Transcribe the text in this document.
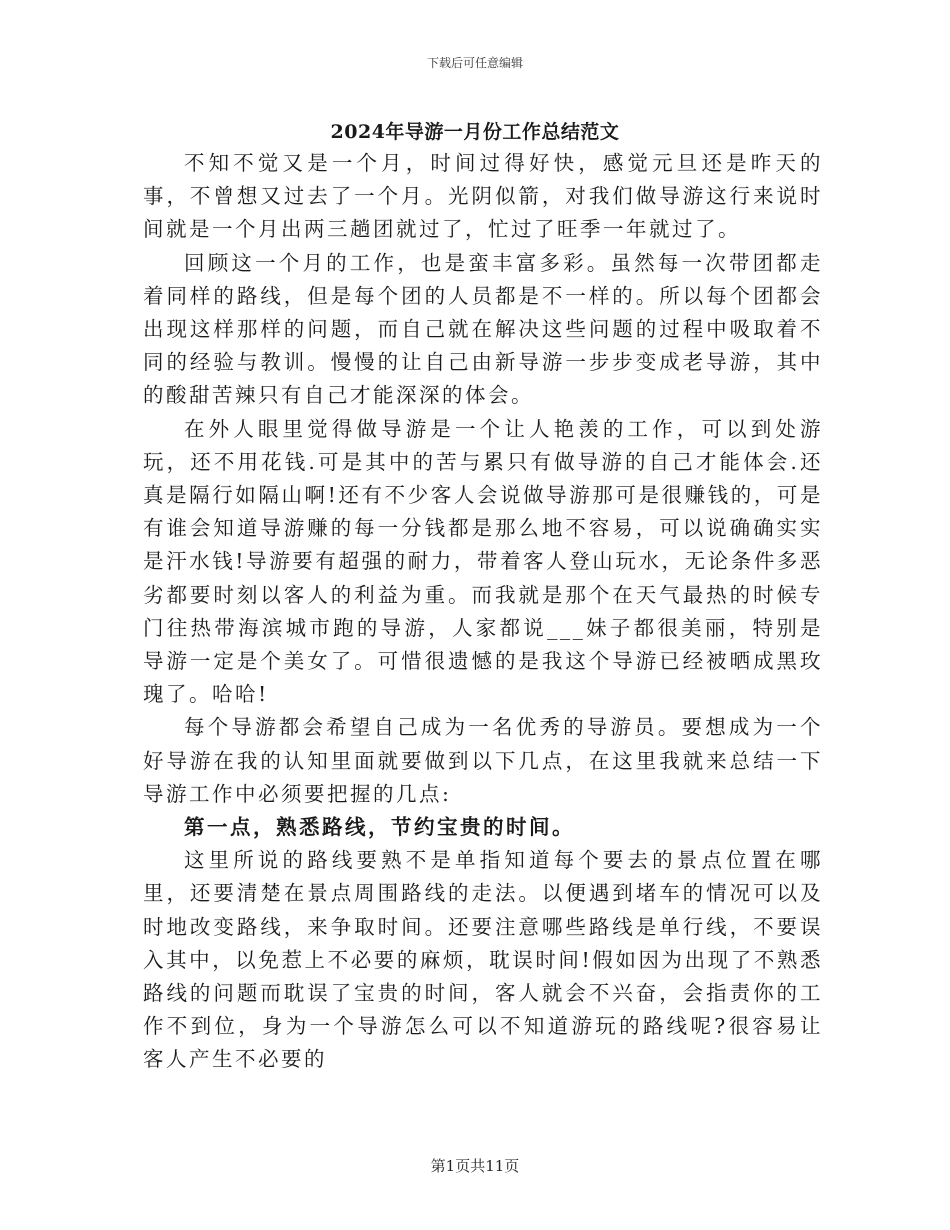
下载后可任意编辑
2024年导游一月份工作总结范文

不知不觉又是一个月，时间过得好快，感觉元旦还是昨天的事，不曾想又过去了一个月。光阴似箭，对我们做导游这行来说时间就是一个月出两三趟团就过了，忙过了旺季一年就过了。

回顾这一个月的工作，也是蛮丰富多彩。虽然每一次带团都走着同样的路线，但是每个团的人员都是不一样的。所以每个团都会出现这样那样的问题，而自己就在解决这些问题的过程中吸取着不同的经验与教训。慢慢的让自己由新导游一步步变成老导游，其中的酸甜苦辣只有自己才能深深的体会。

在外人眼里觉得做导游是一个让人艳羡的工作，可以到处游玩，还不用花钱.可是其中的苦与累只有做导游的自己才能体会.还真是隔行如隔山啊!还有不少客人会说做导游那可是很赚钱的，可是有谁会知道导游赚的每一分钱都是那么地不容易，可以说确确实实是汗水钱!导游要有超强的耐力，带着客人登山玩水，无论条件多恶劣都要时刻以客人的利益为重。而我就是那个在天气最热的时候专门往热带海滨城市跑的导游，人家都说___妹子都很美丽，特别是导游一定是个美女了。可惜很遗憾的是我这个导游已经被晒成黑玫瑰了。哈哈!

每个导游都会希望自己成为一名优秀的导游员。要想成为一个好导游在我的认知里面就要做到以下几点，在这里我就来总结一下导游工作中必须要把握的几点:

第一点，熟悉路线，节约宝贵的时间。

这里所说的路线要熟不是单指知道每个要去的景点位置在哪里，还要清楚在景点周围路线的走法。以便遇到堵车的情况可以及时地改变路线，来争取时间。还要注意哪些路线是单行线，不要误入其中，以免惹上不必要的麻烦，耽误时间!假如因为出现了不熟悉路线的问题而耽误了宝贵的时间，客人就会不兴奋，会指责你的工作不到位，身为一个导游怎么可以不知道游玩的路线呢?很容易让客人产生不必要的

第1页共11页
